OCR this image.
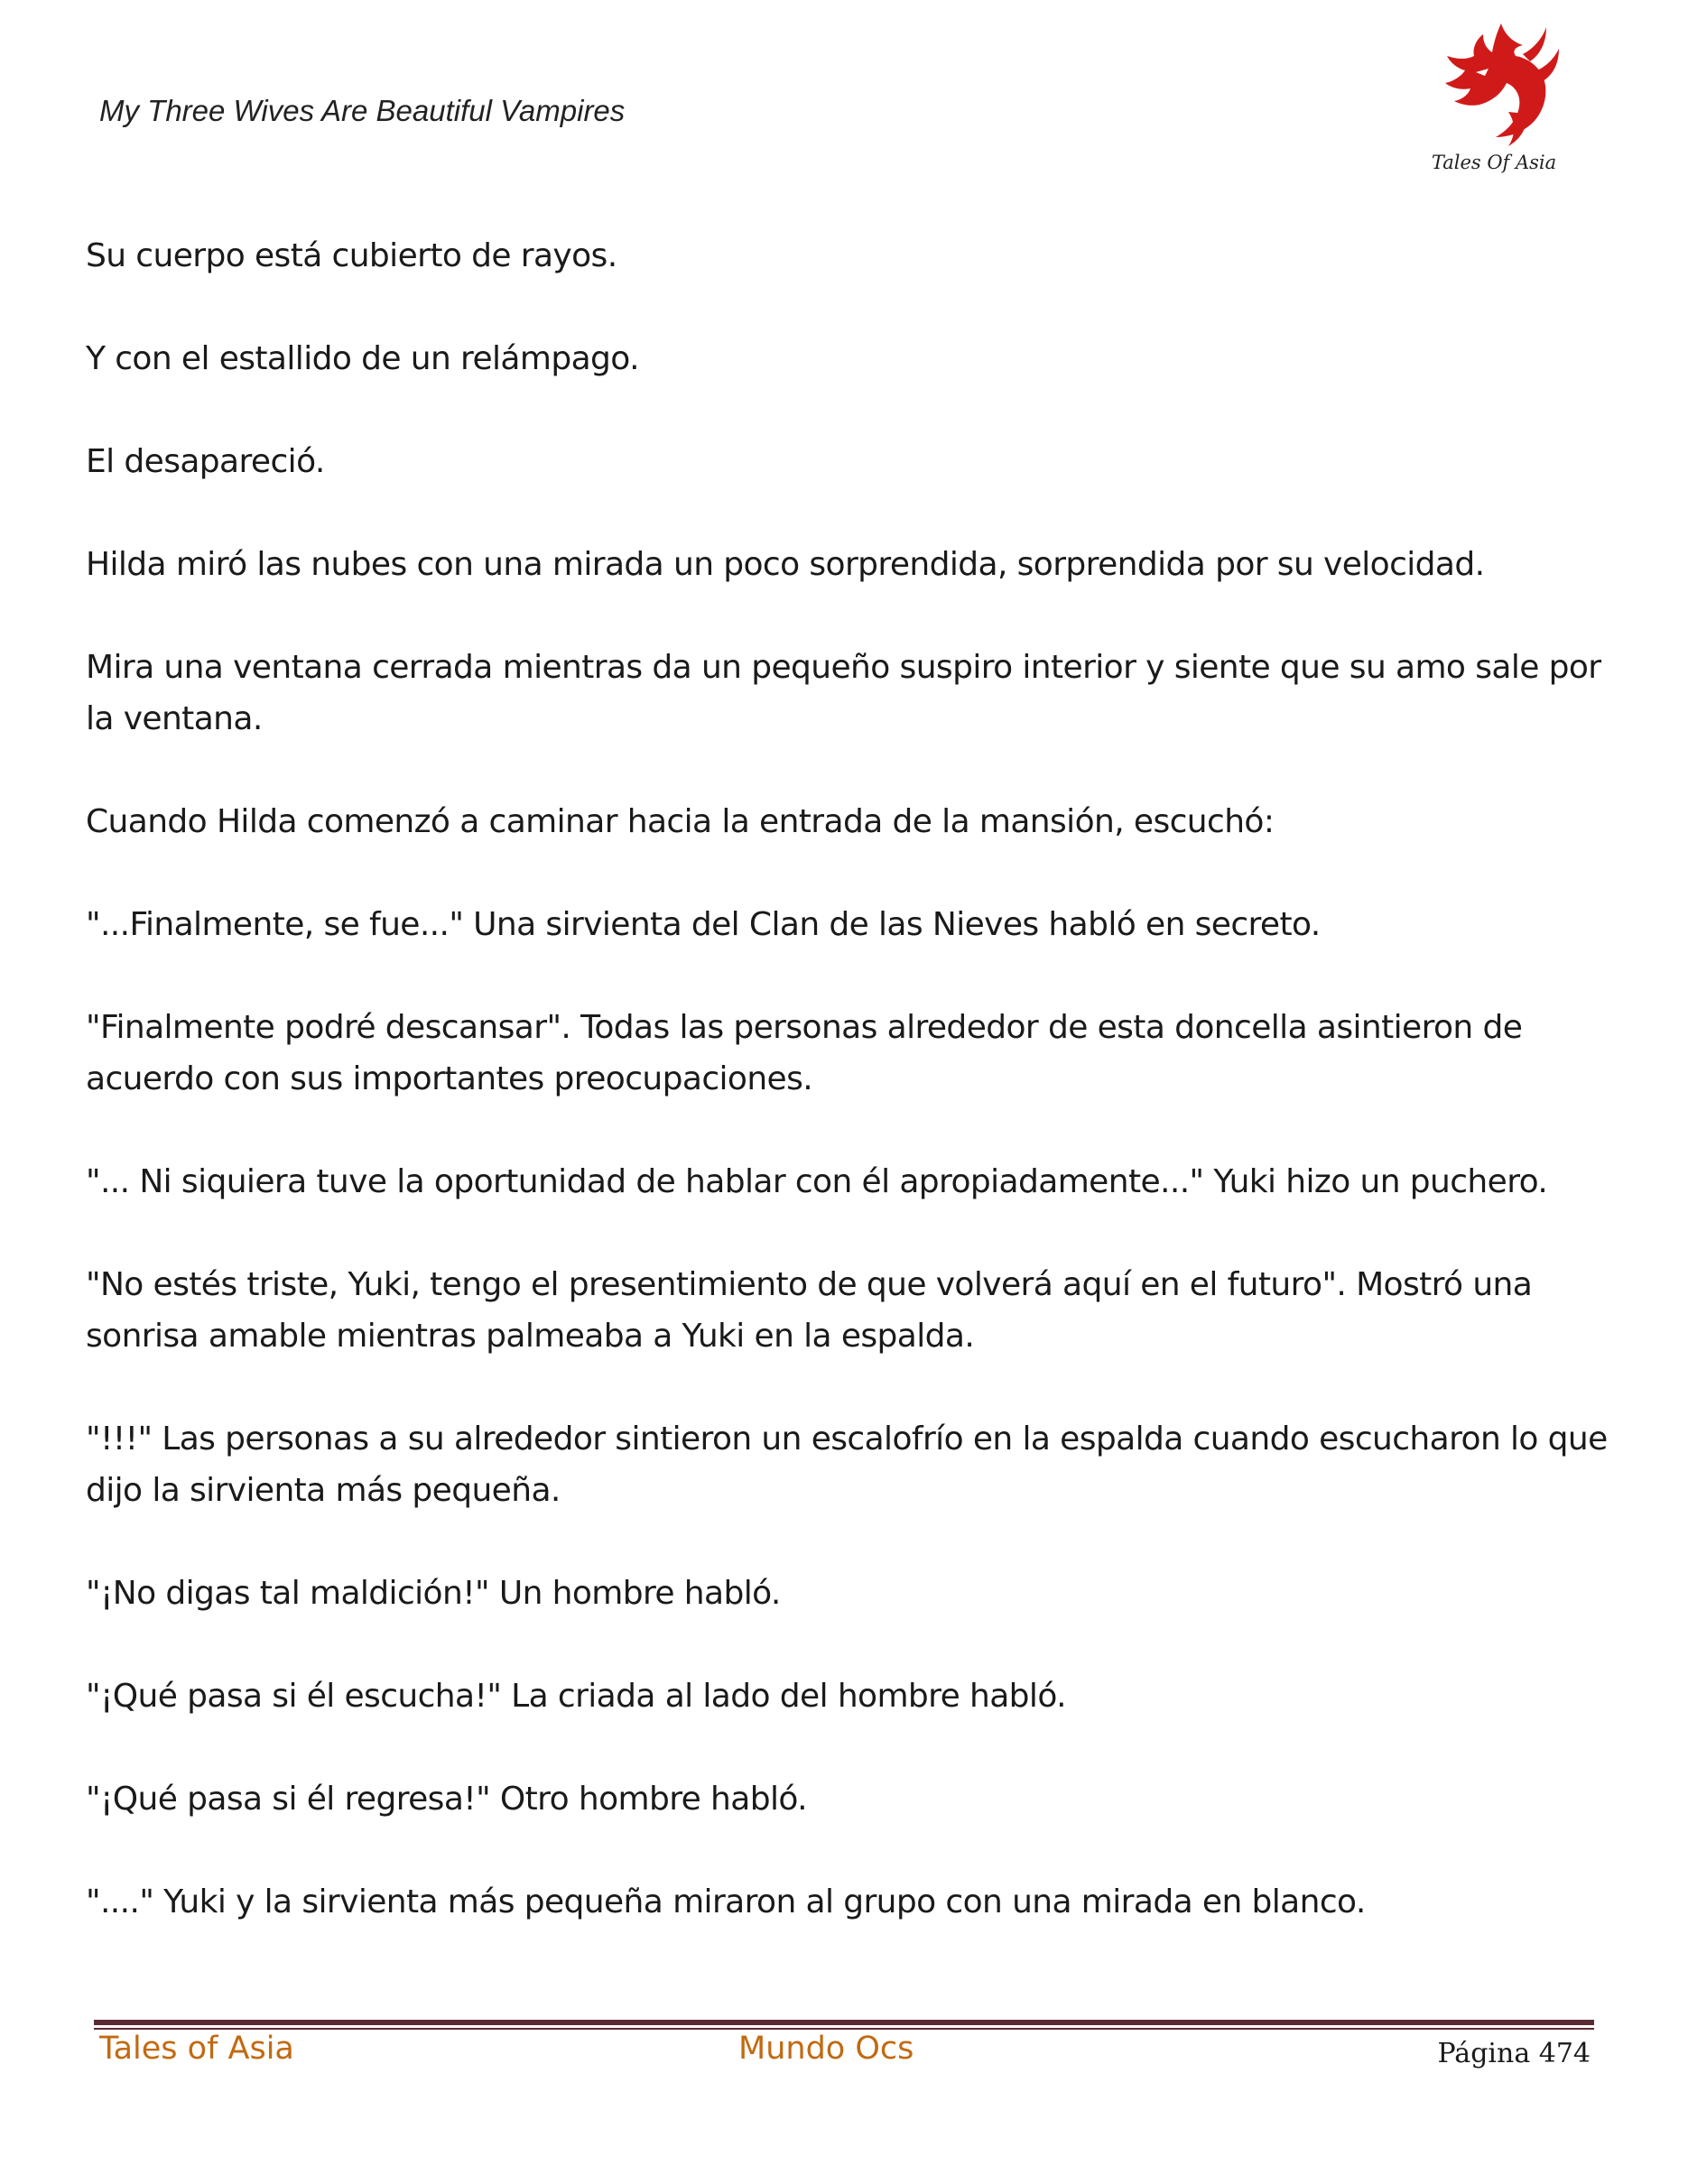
My Three Wives Are Beautiful Vampires
Tales Of Asia

Su cuerpo está cubierto de rayos.

Y con el estallido de un relámpago.

El desapareció.

Hilda miró las nubes con una mirada un poco sorprendida, sorprendida por su velocidad.

Mira una ventana cerrada mientras da un pequeño suspiro interior y siente que su amo sale por la ventana.

Cuando Hilda comenzó a caminar hacia la entrada de la mansión, escuchó:

"...Finalmente, se fue..." Una sirvienta del Clan de las Nieves habló en secreto.

"Finalmente podré descansar". Todas las personas alrededor de esta doncella asintieron de acuerdo con sus importantes preocupaciones.

"... Ni siquiera tuve la oportunidad de hablar con él apropiadamente..." Yuki hizo un puchero.

"No estés triste, Yuki, tengo el presentimiento de que volverá aquí en el futuro". Mostró una sonrisa amable mientras palmeaba a Yuki en la espalda.

"!!!" Las personas a su alrededor sintieron un escalofrío en la espalda cuando escucharon lo que dijo la sirvienta más pequeña.

"¡No digas tal maldición!" Un hombre habló.

"¡Qué pasa si él escucha!" La criada al lado del hombre habló.

"¡Qué pasa si él regresa!" Otro hombre habló.

"...." Yuki y la sirvienta más pequeña miraron al grupo con una mirada en blanco.

Tales of Asia	Mundo Ocs	Página 474
